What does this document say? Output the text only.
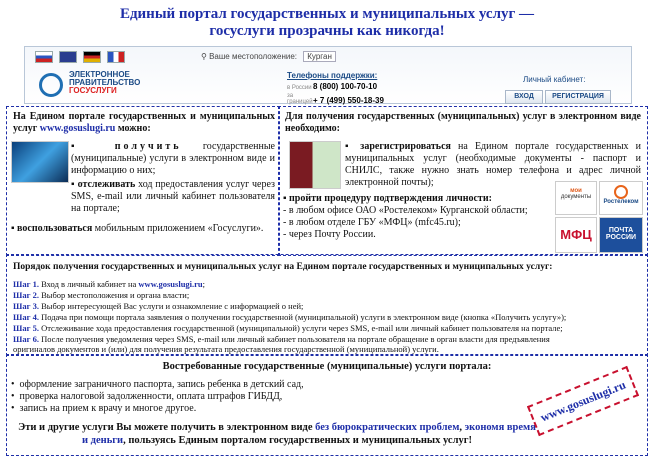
Единый портал государственных и муниципальных услуг —
госуслуги прозрачны как никогда!
⚲ Ваше местоположение: Курган
ЭЛЕКТРОННОЕ
ПРАВИТЕЛЬСТВО
ГОСУСЛУГИ
Телефоны поддержки:
в России8 (800) 100-70-10
за границей+ 7 (499) 550-18-39
Личный кабинет:
ВХОД	РЕГИСТРАЦИЯ
На Едином портале государственных и муниципальных услуг www.gosuslugi.ru можно:
▪ получить государственные (муниципальные) услуги в электронном виде и информацию о них;
▪ отслеживать ход предоставления услуг через SMS, e-mail или личный кабинет пользователя на портале;
▪ воспользоваться мобильным приложением «Госуслуги».
Для получения государственных (муниципальных) услуг в электронном виде необходимо:
▪ зарегистрироваться на Едином портале государственных и муниципальных услуг (необходимые документы - паспорт и СНИЛС, также нужно знать номер телефона и адрес личной электронной почты);
▪ пройти процедуру подтверждения личности:
- в любом офисе ОАО «Ростелеком» Курганской области;
- в любом отделе ГБУ «МФЦ» (mfc45.ru);
- через Почту России.
мои
документы
Ростелеком
МФЦ	ПОЧТА
РОССИИ
Порядок получения государственных и муниципальных услуг на Едином портале государственных и муниципальных услуг:
Шаг 1. Вход в личный кабинет на www.gosuslugi.ru;
Шаг 2. Выбор местоположения и органа власти;
Шаг 3. Выбор интересующей Вас услуги и ознакомление с информацией о ней;
Шаг 4. Подача при помощи портала заявления о получении государственной (муниципальной) услуги в электронном виде (кнопка «Получить услугу»);
Шаг 5. Отслеживание хода предоставления государственной (муниципальной) услуги через SMS, e-mail или личный кабинет пользователя на портале;
Шаг 6. После получения уведомления через SMS, e-mail или личный кабинет пользователя на портале обращение в орган власти для предъявления
оригиналов документов и (или) для получения результата предоставления государственной (муниципальной) услуги.
Востребованные государственные (муниципальные) услуги портала:
• оформление заграничного паспорта, запись ребенка в детский сад,
• проверка налоговой задолженности, оплата штрафов ГИБДД,
• запись на прием к врачу и многое другое.
Эти и другие услуги Вы можете получить в электронном виде без бюрократических проблем, экономя время и деньги, пользуясь Единым порталом государственных и муниципальных услуг!
www.gosuslugi.ru
